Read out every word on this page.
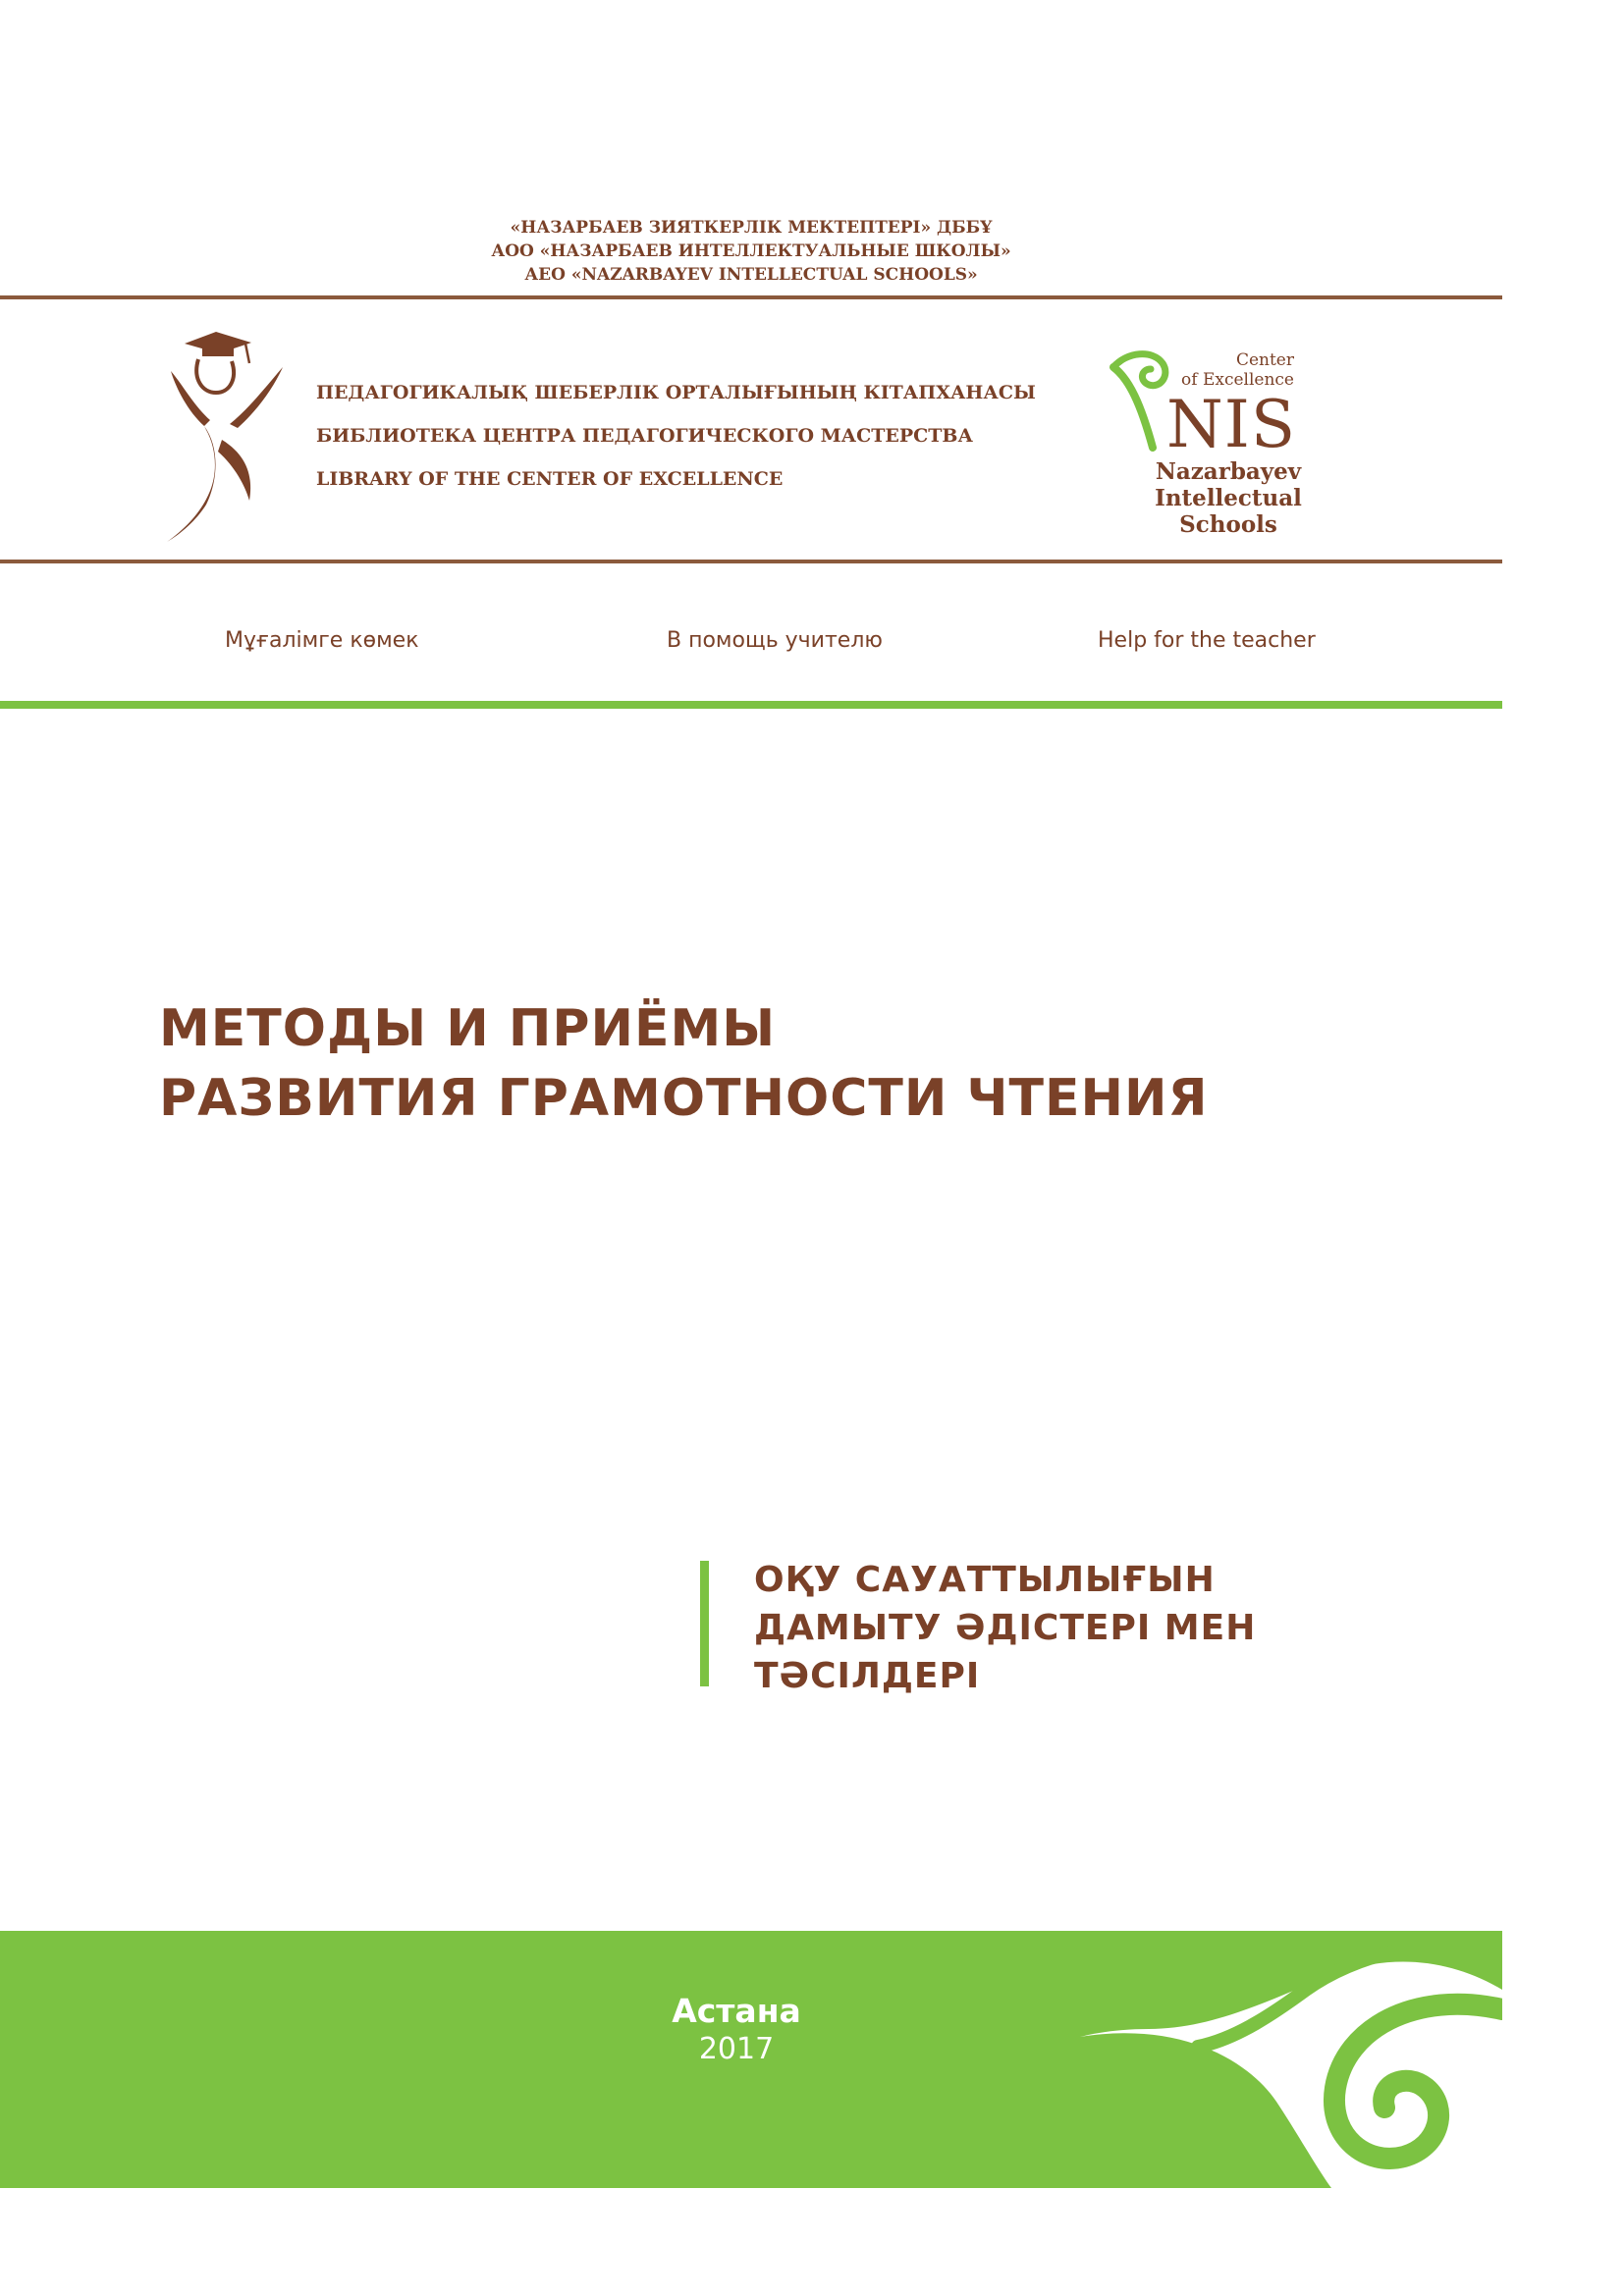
«НАЗАРБАЕВ ЗИЯТКЕРЛІК МЕКТЕПТЕРІ» ДББҰ
АОО «НАЗАРБАЕВ ИНТЕЛЛЕКТУАЛЬНЫЕ ШКОЛЫ»
АЕО «NAZARBAYEV INTELLECTUAL SCHOOLS»
ПЕДАГОГИКАЛЫҚ ШЕБЕРЛІК ОРТАЛЫҒЫНЫҢ КІТАПХАНАСЫ
БИБЛИОТЕКА ЦЕНТРА ПЕДАГОГИЧЕСКОГО МАСТЕРСТВА
LIBRARY OF THE CENTER OF EXCELLENCE
Center
of Excellence
NIS
Nazarbayev
Intellectual
Schools
Мұғалімге көмек	В помощь учителю	Help for the teacher
МЕТОДЫ И ПРИЁМЫ
РАЗВИТИЯ ГРАМОТНОСТИ ЧТЕНИЯ
ОҚУ САУАТТЫЛЫҒЫН
ДАМЫТУ ӘДІСТЕРІ МЕН
ТӘСІЛДЕРІ
Астана
2017
